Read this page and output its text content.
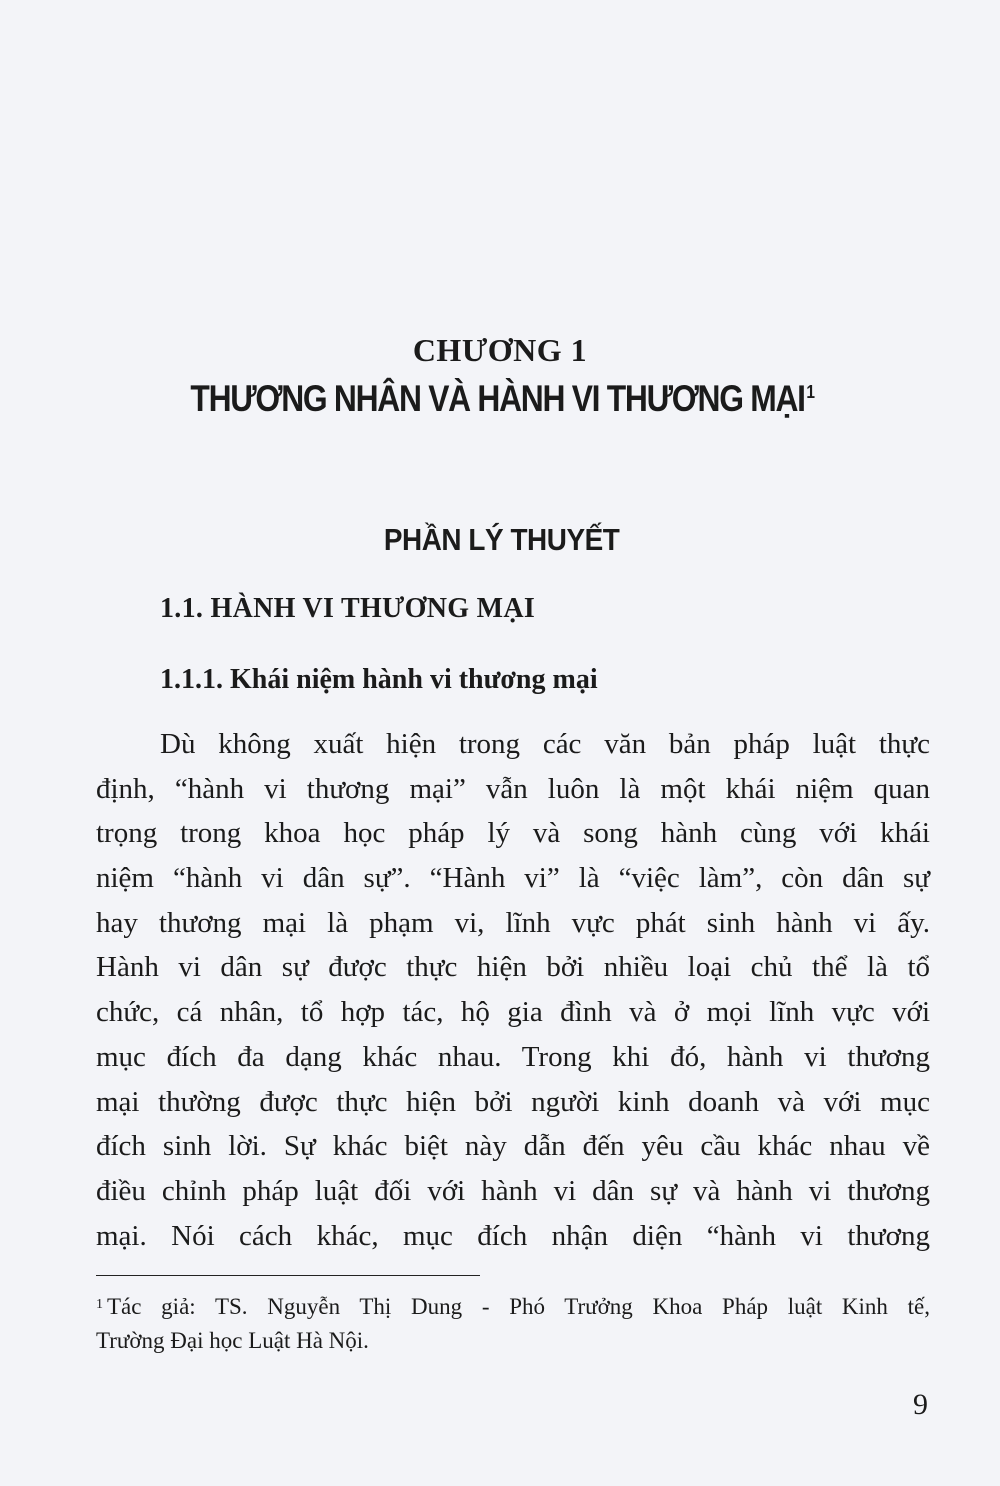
CHƯƠNG 1
THƯƠNG NHÂN VÀ HÀNH VI THƯƠNG MẠI$^1$
PHẦN LÝ THUYẾT
1.1. HÀNH VI THƯƠNG MẠI
1.1.1. Khái niệm hành vi thương mại
Dù không xuất hiện trong các văn bản pháp luật thực
định, “hành vi thương mại” vẫn luôn là một khái niệm quan
trọng trong khoa học pháp lý và song hành cùng với khái
niệm “hành vi dân sự”. “Hành vi” là “việc làm”, còn dân sự
hay thương mại là phạm vi, lĩnh vực phát sinh hành vi ấy.
Hành vi dân sự được thực hiện bởi nhiều loại chủ thể là tổ
chức, cá nhân, tổ hợp tác, hộ gia đình và ở mọi lĩnh vực với
mục đích đa dạng khác nhau. Trong khi đó, hành vi thương
mại thường được thực hiện bởi người kinh doanh và với mục
đích sinh lời. Sự khác biệt này dẫn đến yêu cầu khác nhau về
điều chỉnh pháp luật đối với hành vi dân sự và hành vi thương
mại. Nói cách khác, mục đích nhận diện “hành vi thương
$^1$ Tác giả: TS. Nguyễn Thị Dung - Phó Trưởng Khoa Pháp luật Kinh tế,
Trường Đại học Luật Hà Nội.
9
